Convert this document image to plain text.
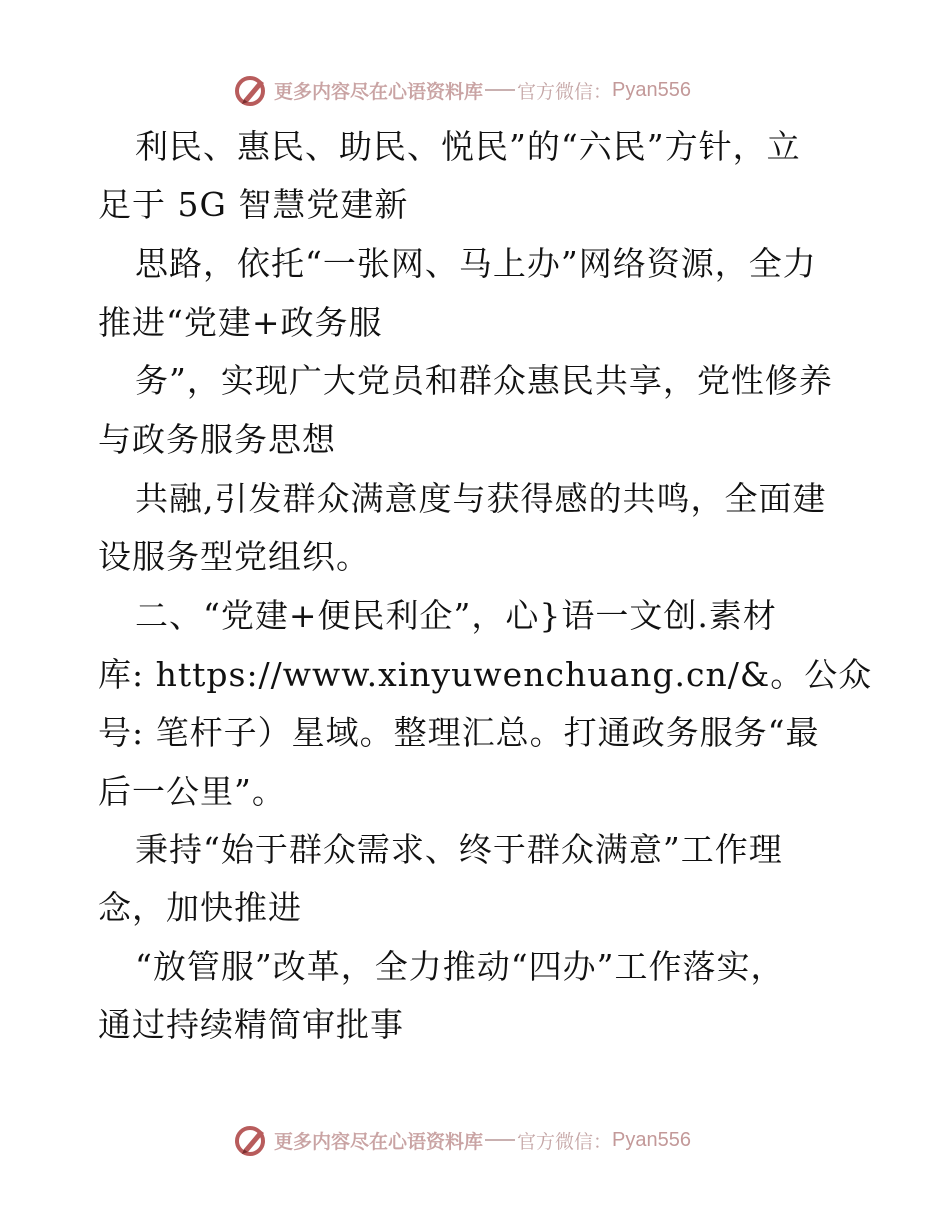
更多内容尽在心语资料库 官方微信： Pyan556
利民、惠民、助民、悦民”的“六民”方针，立
足于 5G 智慧党建新
思路，依托“一张网、马上办”网络资源，全力
推进“党建+政务服
务”，实现广大党员和群众惠民共享，党性修养
与政务服务思想
共融,引发群众满意度与获得感的共鸣，全面建
设服务型党组织。
二、“党建+便民利企”，心}语一文创.素材
库: https://www.xinyuwenchuang.cn/&。公众
号: 笔杆子）星域。整理汇总。打通政务服务“最
后一公里”。
秉持“始于群众需求、终于群众满意”工作理
念，加快推进
“放管服”改革，全力推动“四办”工作落实，
通过持续精简审批事
更多内容尽在心语资料库 官方微信： Pyan556
